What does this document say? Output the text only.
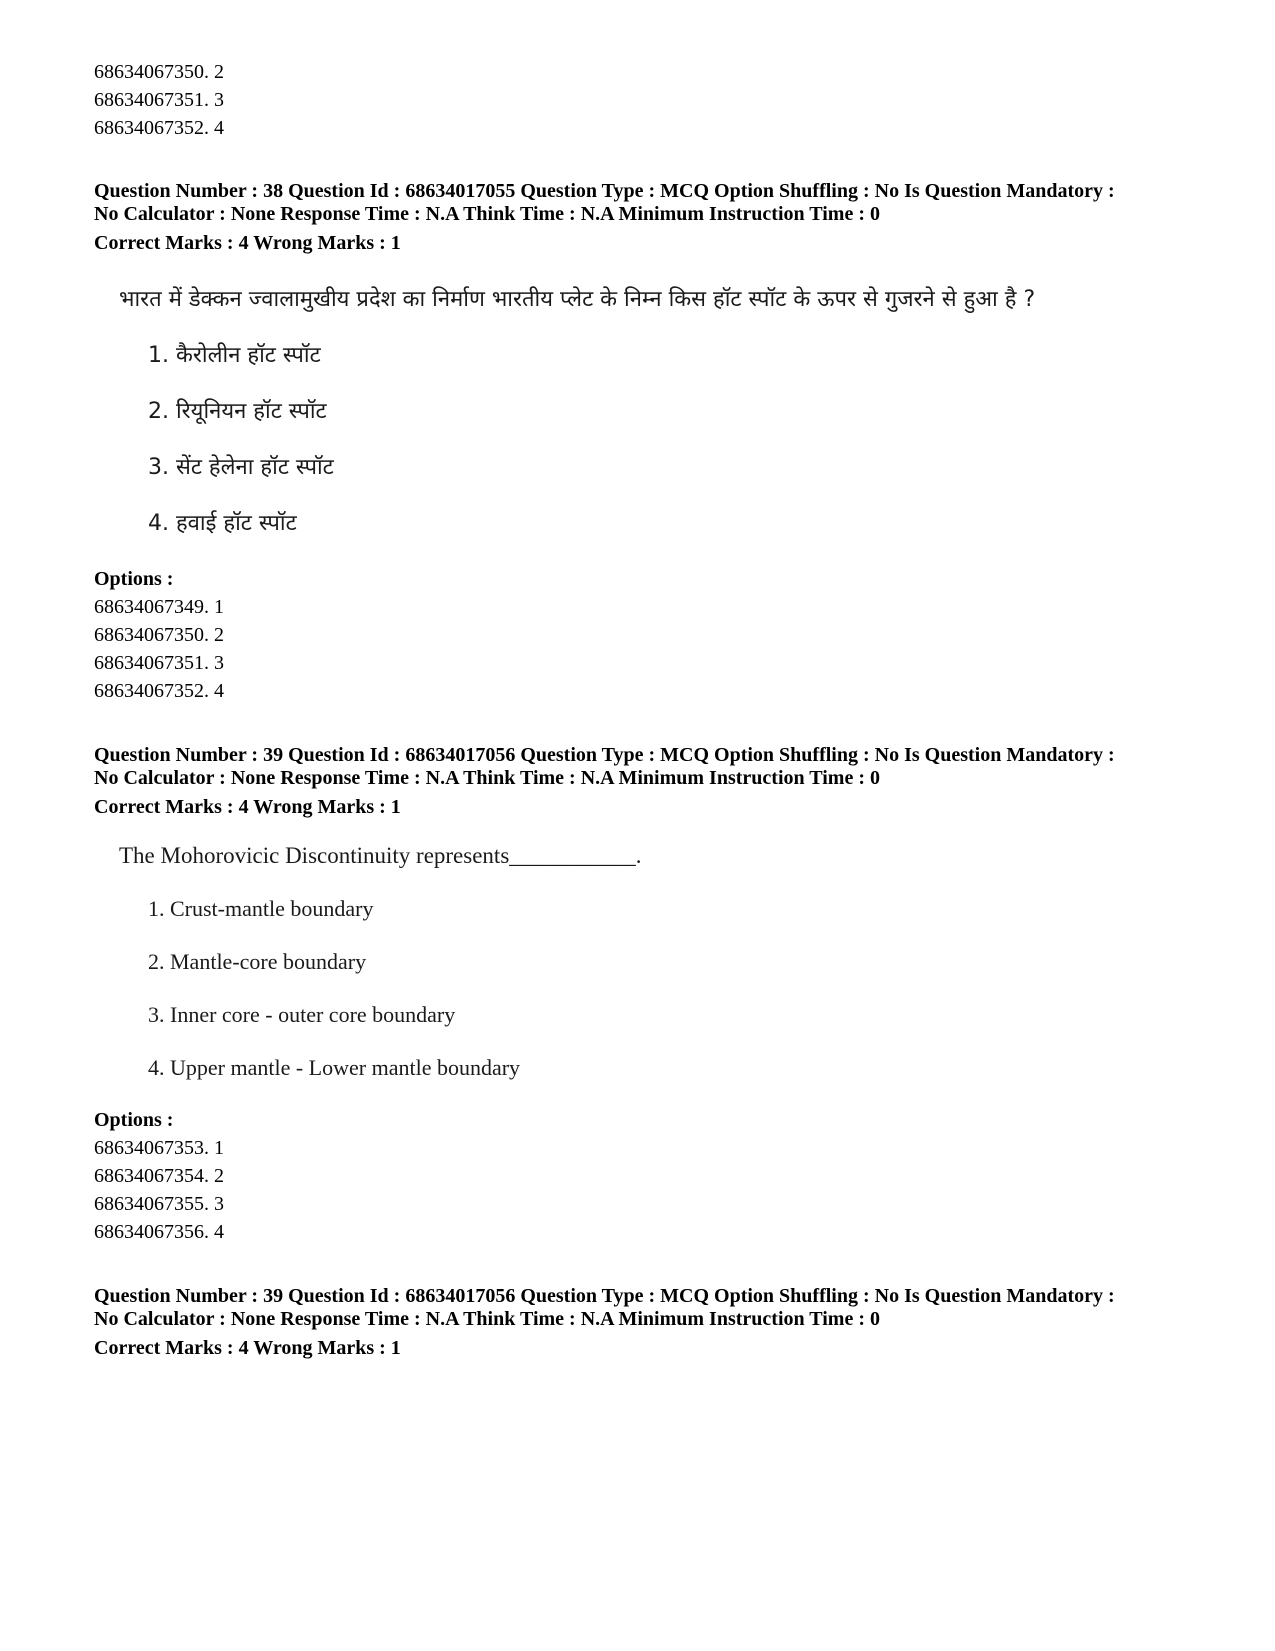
68634067350. 2
68634067351. 3
68634067352. 4
Question Number : 38 Question Id : 68634017055 Question Type : MCQ Option Shuffling : No Is Question Mandatory :
No Calculator : None Response Time : N.A Think Time : N.A Minimum Instruction Time : 0
Correct Marks : 4 Wrong Marks : 1
भारत में डेक्कन ज्वालामुखीय प्रदेश का निर्माण भारतीय प्लेट के निम्न किस हॉट स्पॉट के ऊपर से गुजरने से हुआ है ?
1. कैरोलीन हॉट स्पॉट
2. रियूनियन हॉट स्पॉट
3. सेंट हेलेना हॉट स्पॉट
4. हवाई हॉट स्पॉट
Options :
68634067349. 1
68634067350. 2
68634067351. 3
68634067352. 4
Question Number : 39 Question Id : 68634017056 Question Type : MCQ Option Shuffling : No Is Question Mandatory :
No Calculator : None Response Time : N.A Think Time : N.A Minimum Instruction Time : 0
Correct Marks : 4 Wrong Marks : 1
The Mohorovicic Discontinuity represents___________.
1. Crust-mantle boundary
2. Mantle-core boundary
3. Inner core - outer core boundary
4. Upper mantle - Lower mantle boundary
Options :
68634067353. 1
68634067354. 2
68634067355. 3
68634067356. 4
Question Number : 39 Question Id : 68634017056 Question Type : MCQ Option Shuffling : No Is Question Mandatory :
No Calculator : None Response Time : N.A Think Time : N.A Minimum Instruction Time : 0
Correct Marks : 4 Wrong Marks : 1
